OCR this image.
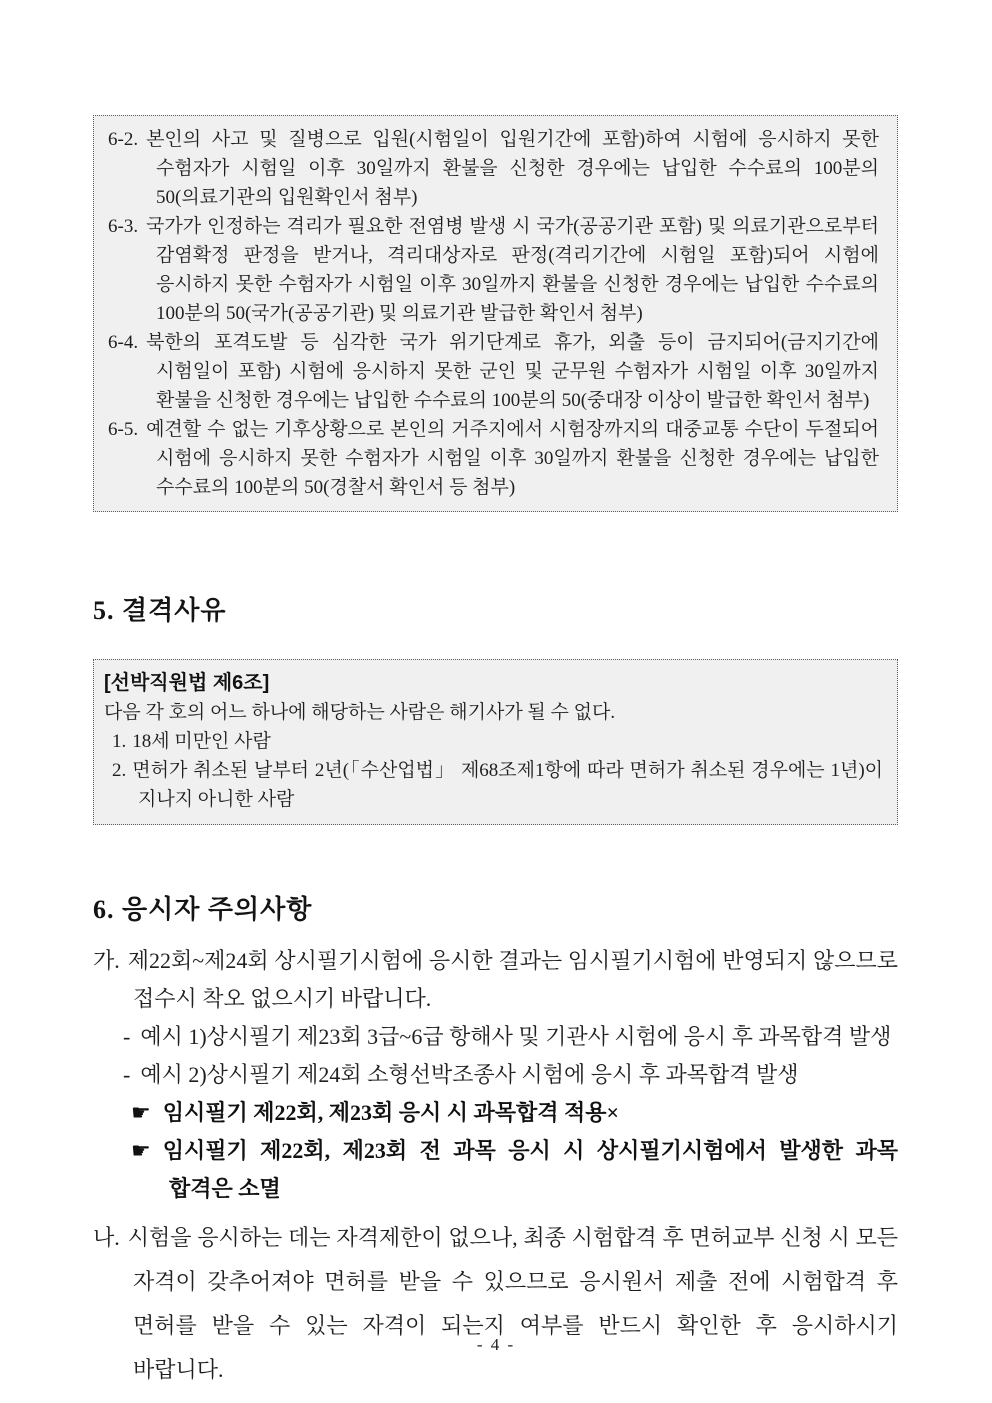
6-2. 본인의 사고 및 질병으로 입원(시험일이 입원기간에 포함)하여 시험에 응시하지 못한 수험자가 시험일 이후 30일까지 환불을 신청한 경우에는 납입한 수수료의 100분의 50(의료기관의 입원확인서 첨부)

6-3. 국가가 인정하는 격리가 필요한 전염병 발생 시 국가(공공기관 포함) 및 의료기관으로부터 감염확정 판정을 받거나, 격리대상자로 판정(격리기간에 시험일 포함)되어 시험에 응시하지 못한 수험자가 시험일 이후 30일까지 환불을 신청한 경우에는 납입한 수수료의 100분의 50(국가(공공기관) 및 의료기관 발급한 확인서 첨부)

6-4. 북한의 포격도발 등 심각한 국가 위기단계로 휴가, 외출 등이 금지되어(금지기간에 시험일이 포함) 시험에 응시하지 못한 군인 및 군무원 수험자가 시험일 이후 30일까지 환불을 신청한 경우에는 납입한 수수료의 100분의 50(중대장 이상이 발급한 확인서 첨부)

6-5. 예견할 수 없는 기후상황으로 본인의 거주지에서 시험장까지의 대중교통 수단이 두절되어 시험에 응시하지 못한 수험자가 시험일 이후 30일까지 환불을 신청한 경우에는 납입한 수수료의 100분의 50(경찰서 확인서 등 첨부)

5. 결격사유

[선박직원법 제6조]

다음 각 호의 어느 하나에 해당하는 사람은 해기사가 될 수 없다.

1. 18세 미만인 사람

2. 면허가 취소된 날부터 2년(「수산업법」 제68조제1항에 따라 면허가 취소된 경우에는 1년)이 지나지 아니한 사람

6. 응시자 주의사항

가. 제22회~제24회 상시필기시험에 응시한 결과는 임시필기시험에 반영되지 않으므로 접수시 착오 없으시기 바랍니다.

- 예시 1)상시필기 제23회 3급~6급 항해사 및 기관사 시험에 응시 후 과목합격 발생

- 예시 2)상시필기 제24회 소형선박조종사 시험에 응시 후 과목합격 발생

☛ 임시필기 제22회, 제23회 응시 시 과목합격 적용×

☛ 임시필기 제22회, 제23회 전 과목 응시 시 상시필기시험에서 발생한 과목 합격은 소멸

나. 시험을 응시하는 데는 자격제한이 없으나, 최종 시험합격 후 면허교부 신청 시 모든 자격이 갖추어져야 면허를 받을 수 있으므로 응시원서 제출 전에 시험합격 후 면허를 받을 수 있는 자격이 되는지 여부를 반드시 확인한 후 응시하시기 바랍니다.

- 4 -
